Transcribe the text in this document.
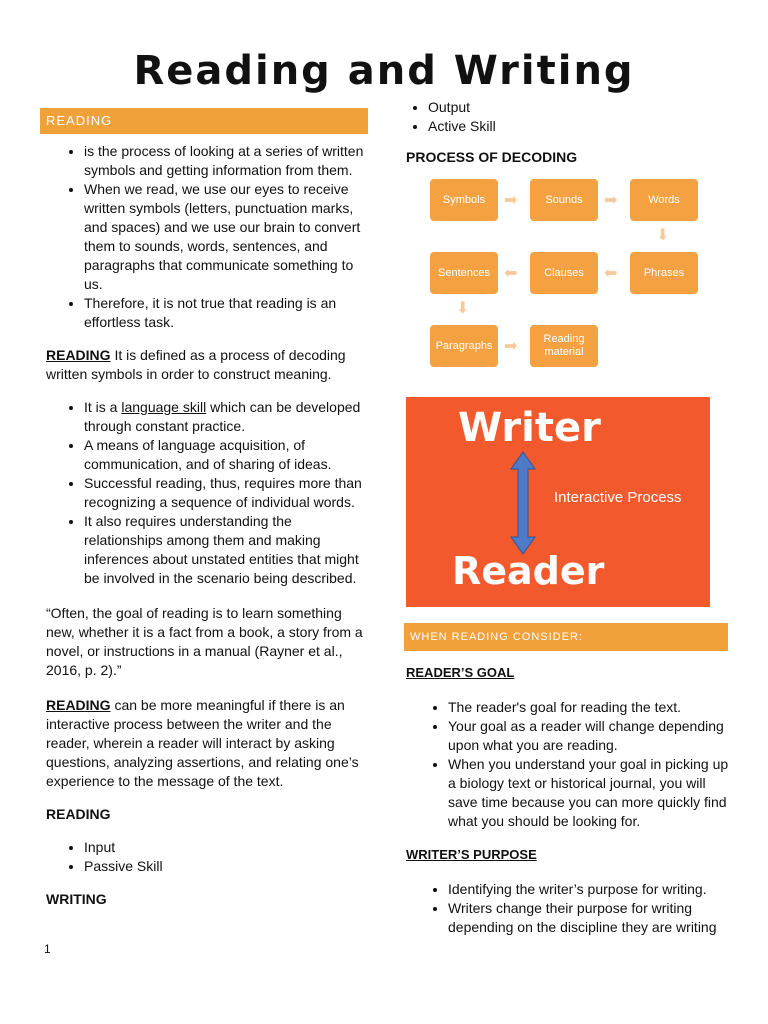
Reading and Writing
READING
• is the process of looking at a series of written symbols and getting information from them.
• When we read, we use our eyes to receive written symbols (letters, punctuation marks, and spaces) and we use our brain to convert them to sounds, words, sentences, and paragraphs that communicate something to us.
• Therefore, it is not true that reading is an effortless task.

READING It is defined as a process of decoding written symbols in order to construct meaning.

• It is a language skill which can be developed through constant practice.
• A means of language acquisition, of communication, and of sharing of ideas.
• Successful reading, thus, requires more than recognizing a sequence of individual words.
• It also requires understanding the relationships among them and making inferences about unstated entities that might be involved in the scenario being described.

“Often, the goal of reading is to learn something new, whether it is a fact from a book, a story from a novel, or instructions in a manual (Rayner et al., 2016, p. 2).”

READING can be more meaningful if there is an interactive process between the writer and the reader, wherein a reader will interact by asking questions, analyzing assertions, and relating one’s experience to the message of the text.

READING

• Input
• Passive Skill

WRITING

1
• Output
• Active Skill

PROCESS OF DECODING

Symbols	➡	Sounds	➡	Words
⬇
Phrases
⬅
Clauses
⬅
Sentences
⬇
Paragraphs ➡	Reading material
Writer
Interactive Process
Reader
WHEN READING CONSIDER:

READER’S GOAL

• The reader's goal for reading the text.
• Your goal as a reader will change depending upon what you are reading.
• When you understand your goal in picking up a biology text or historical journal, you will save time because you can more quickly find what you should be looking for.

WRITER’S PURPOSE

• Identifying the writer’s purpose for writing.
• Writers change their purpose for writing depending on the discipline they are writing
